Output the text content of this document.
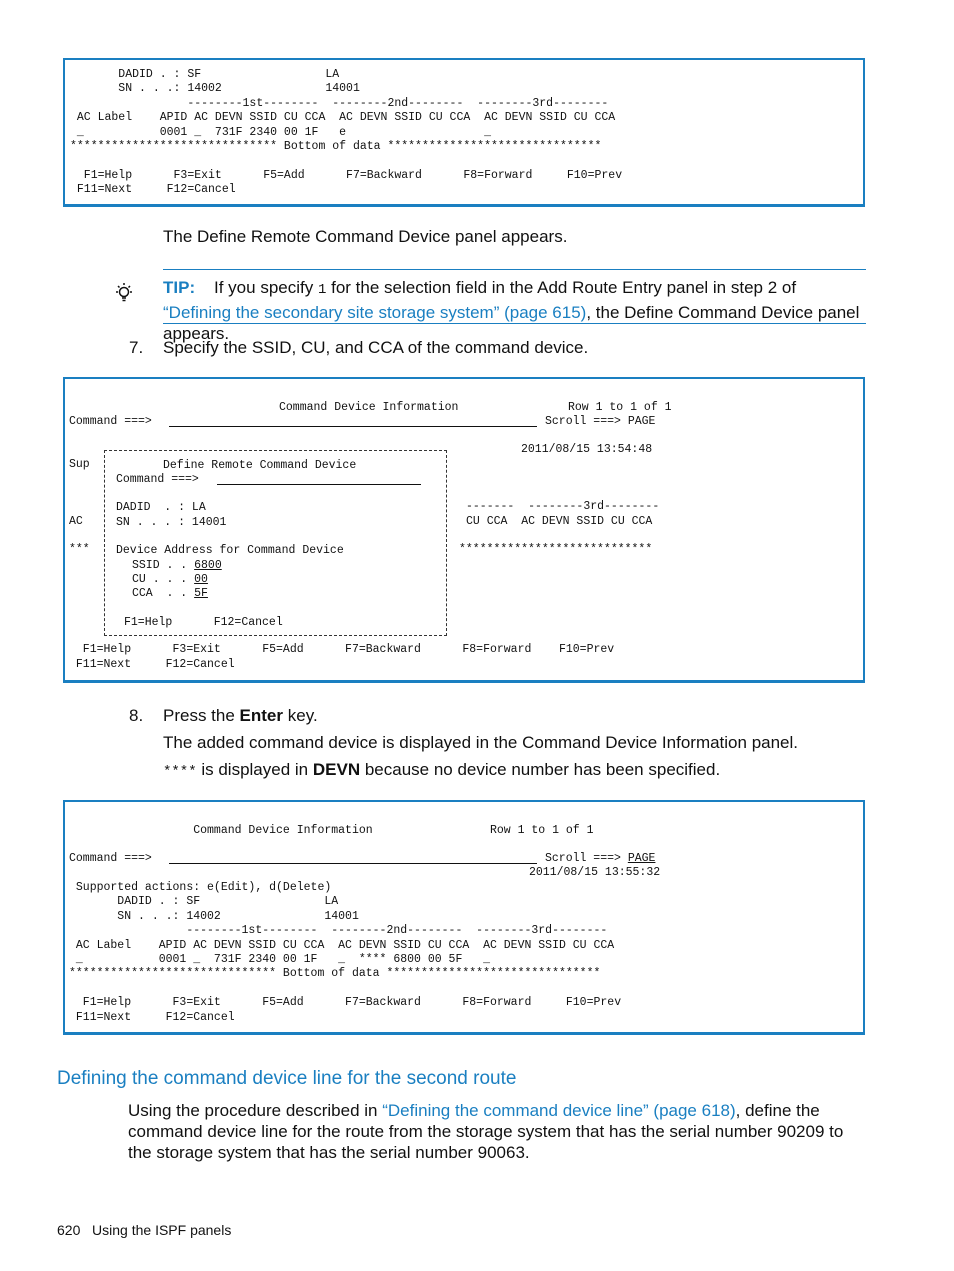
DADID . : SF                  LA
SN . . .: 14002               14001
--------1st--------  --------2nd--------  --------3rd--------
AC Label    APID AC DEVN SSID CU CCA  AC DEVN SSID CU CCA  AC DEVN SSID CU CCA
_           0001 _  731F 2340 00 1F   e                    _
****************************** Bottom of data *******************************

F1=Help      F3=Exit      F5=Add      F7=Backward      F8=Forward     F10=Prev
F11=Next     F12=Cancel

The Define Remote Command Device panel appears.
TIP: If you specify 1 for the selection field in the Add Route Entry panel in step 2 of “Defining the secondary site storage system” (page 615), the Define Command Device panel appears.
7. Specify the SSID, CU, and CCA of the command device.
Command Device Information	Row 1 to 1 of 1
Command ===>	Scroll ===> PAGE
2011/08/15 13:54:48
Sup
AC
***
-------  --------3rd--------
CU CCA  AC DEVN SSID CU CCA
****************************
Define Remote Command Device
Command ===>
DADID  . : LA
SN . . . : 14001
Device Address for Command Device
SSID . . 6800
CU . . . 00
CCA  . . 5F
F1=Help      F12=Cancel
F1=Help      F3=Exit      F5=Add      F7=Backward      F8=Forward    F10=Prev
F11=Next     F12=Cancel
8. Press the Enter key.
The added command device is displayed in the Command Device Information panel.
**** is displayed in DEVN because no device number has been specified.
Command Device Information                 Row 1 to 1 of 1
Command ===>	Scroll ===> PAGE
2011/08/15 13:55:32
Supported actions: e(Edit), d(Delete)
DADID . : SF                  LA
SN . . .: 14002               14001
--------1st--------  --------2nd--------  --------3rd--------
AC Label    APID AC DEVN SSID CU CCA  AC DEVN SSID CU CCA  AC DEVN SSID CU CCA
_           0001 _  731F 2340 00 1F   _  **** 6800 00 5F   _
****************************** Bottom of data *******************************

F1=Help      F3=Exit      F5=Add      F7=Backward      F8=Forward     F10=Prev
F11=Next     F12=Cancel

Defining the command device line for the second route
Using the procedure described in “Defining the command device line” (page 618), define the command device line for the route from the storage system that has the serial number 90209 to the storage system that has the serial number 90063.
620 Using the ISPF panels
